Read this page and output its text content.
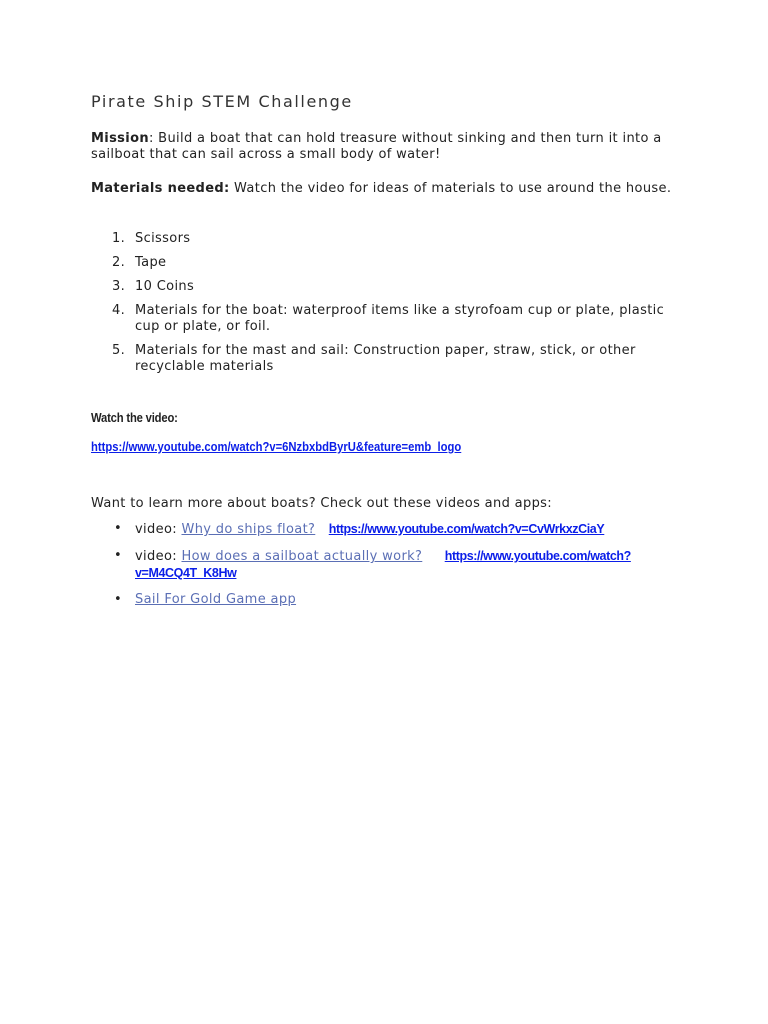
Pirate Ship STEM Challenge

Mission: Build a boat that can hold treasure without sinking and then turn it into a sailboat that can sail across a small body of water!

Materials needed: Watch the video for ideas of materials to use around the house.

1. Scissors
2. Tape
3. 10 Coins
4. Materials for the boat: waterproof items like a styrofoam cup or plate, plastic cup or plate, or foil.
5. Materials for the mast and sail: Construction paper, straw, stick, or other recyclable materials

Watch the video:

https://www.youtube.com/watch?v=6NzbxbdByrU&feature=emb_logo

Want to learn more about boats? Check out these videos and apps:

• video: Why do ships float? https://www.youtube.com/watch?v=CvWrkxzCiaY
• video: How does a sailboat actually work? https://www.youtube.com/watch?v=M4CQ4T_K8Hw
• Sail For Gold Game app
